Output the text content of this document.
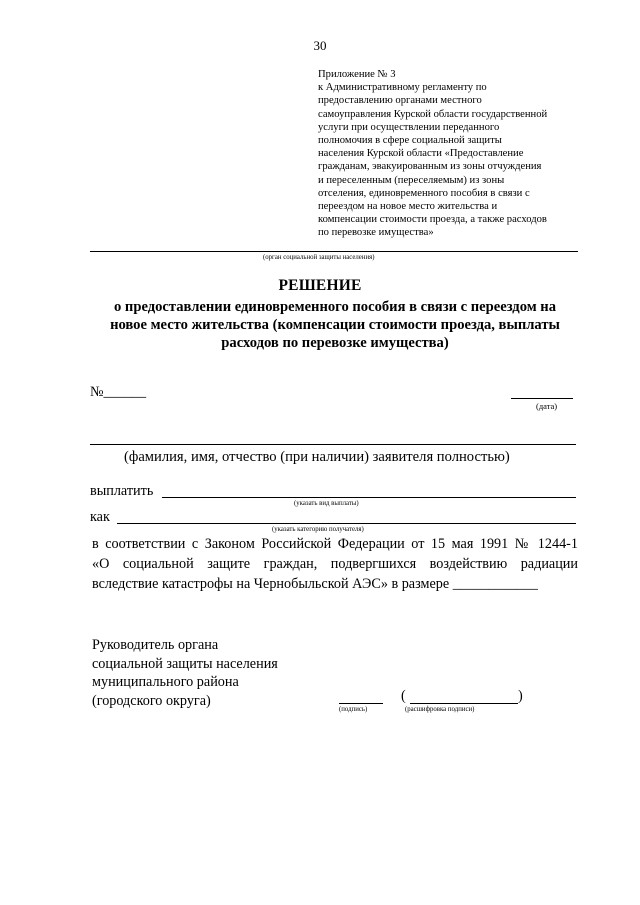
30
Приложение № 3
к Административному регламенту по
предоставлению органами местного
самоуправления Курской области государственной
услуги при осуществлении переданного
полномочия в сфере социальной защиты
населения Курской области «Предоставление
гражданам, эвакуированным из зоны отчуждения
и переселенным (переселяемым) из зоны
отселения, единовременного пособия в связи с
переездом на новое место жительства и
компенсации стоимости проезда, а также расходов
по перевозке имущества»
(орган социальной защиты населения)
РЕШЕНИЕ
о предоставлении единовременного пособия в связи с переездом на
новое место жительства (компенсации стоимости проезда, выплаты
расходов по перевозке имущества)
№______
(дата)
(фамилия, имя, отчество (при наличии) заявителя полностью)
выплатить
(указать вид выплаты)
как
(указать категорию получателя)
в соответствии с Законом Российской Федерации от 15 мая 1991 № 1244-1
«О социальной защите граждан, подвергшихся воздействию радиации
вследствие катастрофы на Чернобыльской АЭС» в размере ____________
Руководитель органа
социальной защиты населения
муниципального района
(городского округа)
(подпись)
(	)
(расшифровка подписи)
